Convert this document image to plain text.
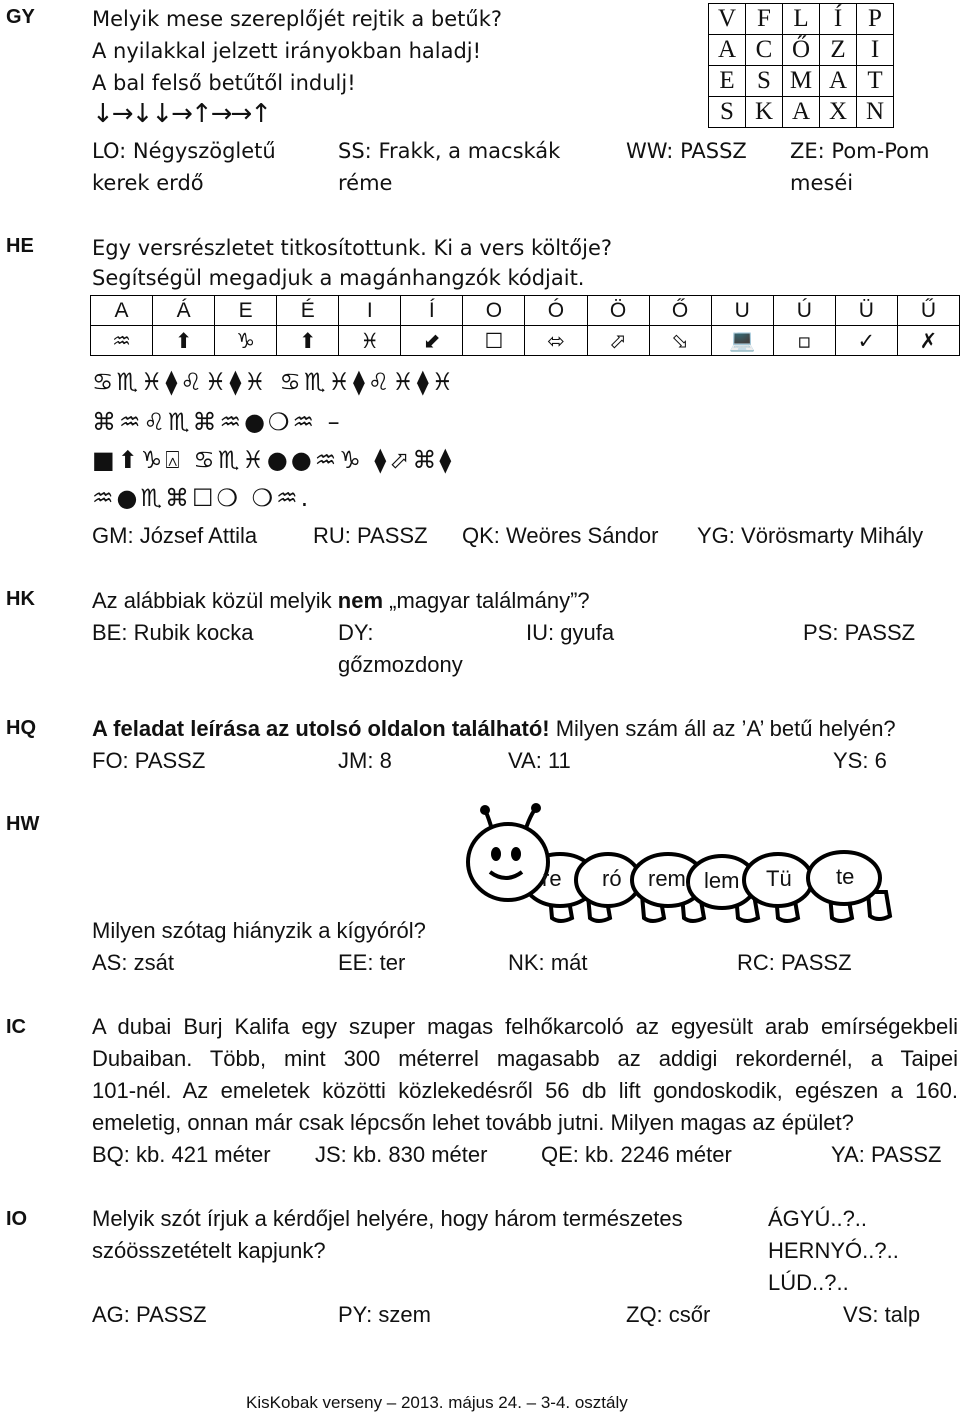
GY	Melyik mese szereplőjét rejtik a betűk?
A nyilakkal jelzett irányokban haladj!
A bal felső betűtől indulj!
↓→↓↓→↑→→↑
V	F	L	Í	P
A	C	Ő	Z	I
E	S	M	A	T
S	K	A	X	N
LO: Négyszögletű
kerek erdő
SS: Frakk, a macskák
réme
WW: PASSZ ZE: Pom-Pom
meséi
HE	Egy versrészletet titkosítottunk. Ki a vers költője?
Segítségül megadjuk a magánhangzók kódjait.
A	Á	E	É	I	Í	O	Ó	Ö	Ő	U	Ú	Ü	Ű
♒	⬆	♑	⬆	♓	⬋	☐	⬄	⬀	⬂	💻	▫	✓	✗
♋♏♓⧫♌♓⧫♓ ♋♏♓⧫♌♓⧫♓
⌘♒♌♏⌘♒●❍♒ –
■⬆♑⍓ ♋♏♓●●♒♑ ⧫⬀⌘⧫
♒●♏⌘☐❍ ❍♒.
GM: József Attila	RU: PASSZ QK: Weöres Sándor YG: Vörösmarty Mihály
HK	Az alábbiak közül melyik nem „magyar találmány”?
BE: Rubik kocka	DY:
gőzmozdony
IU: gyufa	PS: PASSZ
HQ	A feladat leírása az utolsó oldalon található! Milyen szám áll az ’A’ betű helyén?
FO: PASSZ	JM: 8	VA: 11	YS: 6
HW
re ró rem. lem Tü te
Milyen szótag hiányzik a kígyóról?
AS: zsát	EE: ter	NK: mát	RC: PASSZ
IC	A dubai Burj Kalifa egy szuper magas felhőkarcoló az egyesült arab emírségekbeli
Dubaiban. Több, mint 300 méterrel magasabb az addigi rekordernél, a Taipei
101-nél. Az emeletek közötti közlekedésről 56 db lift gondoskodik, egészen a 160.
emeletig, onnan már csak lépcsőn lehet tovább jutni. Milyen magas az épület?
BQ: kb. 421 méter JS: kb. 830 méter QE: kb. 2246 méter	YA: PASSZ
IO	Melyik szót írjuk a kérdőjel helyére, hogy három természetes
szóösszetételt kapjunk?
ÁGYÚ..?..
HERNYÓ..?..
LÚD..?..
AG: PASSZ	PY: szem	ZQ: csőr	VS: talp
KisKobak verseny – 2013. május 24. – 3-4. osztály
